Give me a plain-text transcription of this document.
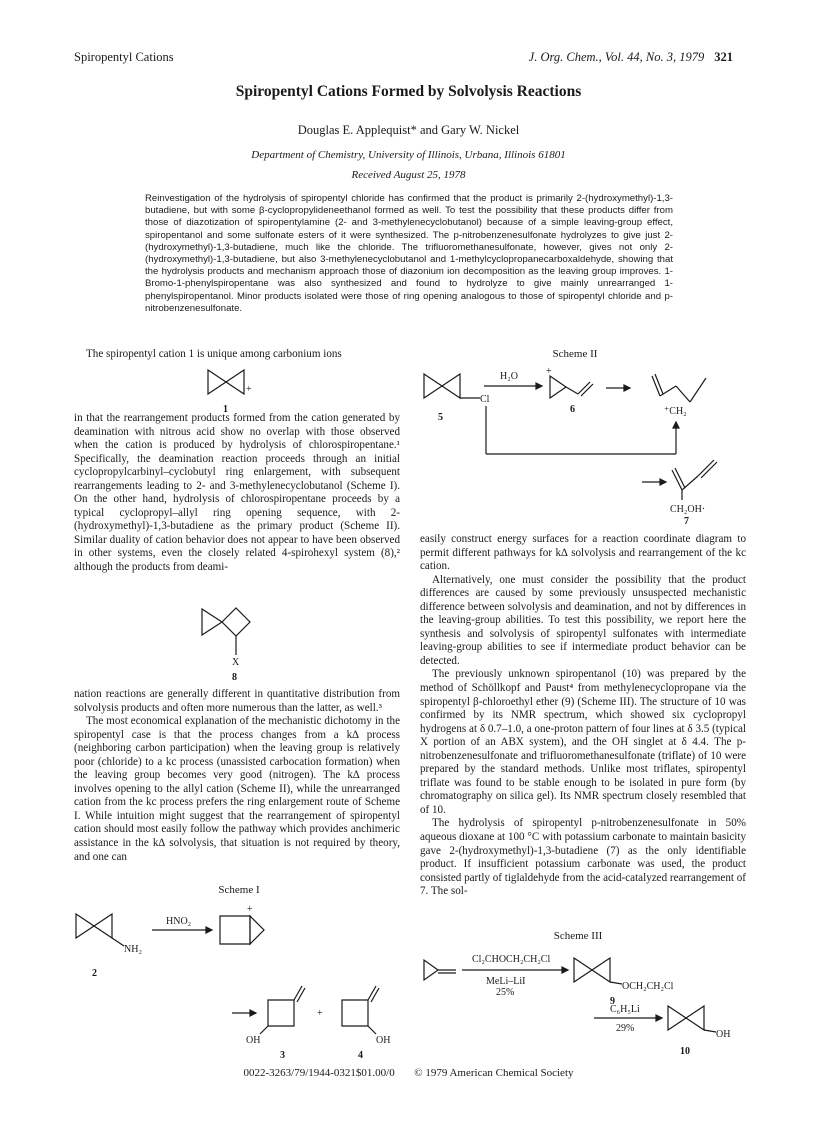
Spiropentyl Cations	J. Org. Chem., Vol. 44, No. 3, 1979 321
Spiropentyl Cations Formed by Solvolysis Reactions
Douglas E. Applequist* and Gary W. Nickel
Department of Chemistry, University of Illinois, Urbana, Illinois 61801
Received August 25, 1978
Reinvestigation of the hydrolysis of spiropentyl chloride has confirmed that the product is primarily 2-(hydroxymethyl)-1,3-butadiene, but with some β-cyclopropylideneethanol formed as well. To test the possibility that these products differ from those of diazotization of spiropentylamine (2- and 3-methylenecyclobutanol) because of a simple leaving-group effect, spiropentanol and some sulfonate esters of it were synthesized. The p-nitrobenzenesulfonate hydrolyzes to give just 2-(hydroxymethyl)-1,3-butadiene, much like the chloride. The trifluoromethanesulfonate, however, gives not only 2-(hydroxymethyl)-1,3-butadiene, but also 3-methylenecyclobutanol and 1-methylcyclopropanecarboxaldehyde, showing that the hydrolysis products and mechanism approach those of diazonium ion decomposition as the leaving group improves. 1-Bromo-1-phenylspiropentane was also synthesized and found to hydrolyze to give mainly unrearranged 1-phenylspiropentanol. Minor products isolated were those of ring opening analogous to those of spiropentyl chloride and p-nitrobenzenesulfonate.

The spiropentyl cation 1 is unique among carbonium ions

+
1

in that the rearrangement products formed from the cation generated by deamination with nitrous acid show no overlap with those observed when the cation is produced by hydrolysis of chlorospiropentane.¹ Specifically, the deamination reaction proceeds through an initial cyclopropylcarbinyl–cyclobutyl ring enlargement, with subsequent rearrangements leading to 2- and 3-methylenecyclobutanol (Scheme I). On the other hand, hydrolysis of chlorospiropentane proceeds by a typical cyclopropyl–allyl ring opening sequence, with 2-(hydroxymethyl)-1,3-butadiene as the primary product (Scheme II). Similar duality of cation behavior does not appear to have been observed in other systems, even the closely related 4-spirohexyl system (8),² although the products from deami-

X
8

nation reactions are generally different in quantitative distribution from solvolysis products and often more numerous than the latter, as well.³

The most economical explanation of the mechanistic dichotomy in the spiropentyl case is that the process changes from a k∆ process (neighboring carbon participation) when the leaving group is relatively poor (chloride) to a kc process (unassisted carbocation formation) when the leaving group becomes very good (nitrogen). The k∆ process involves opening to the allyl cation (Scheme II), while the unrearranged cation from the kc process prefers the ring enlargement route of Scheme I. While intuition might suggest that the rearrangement of spiropentyl cation should most easily follow the pathway which provides anchimeric assistance in the k∆ solvolysis, that situation is not required by theory, and one can

Scheme I
NH₂
2
HNO₂
+
+
OH	OH
3	4
Scheme II
Cl
5
H₂O	+
6	⁺CH₂
CH₂OH·
7

easily construct energy surfaces for a reaction coordinate diagram to permit different pathways for k∆ solvolysis and rearrangement of the kc cation.

Alternatively, one must consider the possibility that the product differences are caused by some previously unsuspected mechanistic difference between solvolysis and deamination, and not by differences in the leaving-group abilities. To test this possibility, we report here the synthesis and solvolysis of spiropentyl sulfonates with intermediate leaving-group abilities to see if intermediate product behavior can be detected.

The previously unknown spiropentanol (10) was prepared by the method of Schöllkopf and Paust⁴ from methylenecyclopropane via the spiropentyl β-chloroethyl ether (9) (Scheme III). The structure of 10 was confirmed by its NMR spectrum, which showed six cyclopropyl hydrogens at δ 0.7–1.0, a one-proton pattern of four lines at δ 3.5 (typical X portion of an ABX system), and the OH singlet at δ 4.4. The p-nitrobenzenesulfonate and trifluoromethanesulfonate (triflate) of 10 were prepared by the standard methods. Unlike most triflates, spiropentyl triflate was found to be stable enough to be isolated in pure form (by chromatography on silica gel). Its NMR spectrum closely resembled that of 10.

The hydrolysis of spiropentyl p-nitrobenzenesulfonate in 50% aqueous dioxane at 100 °C with potassium carbonate to maintain basicity gave 2-(hydroxymethyl)-1,3-butadiene (7) as the only identifiable product. If insufficient potassium carbonate was used, the product consisted partly of tiglaldehyde from the acid-catalyzed rearrangement of 7. The sol-

Scheme III
Cl₂CHOCH₂CH₂Cl
MeLi–LiI
25%
OCH₂CH₂Cl
9
C₆H₅Li
29%
OH
10
0022-3263/79/1944-0321$01.00/0 © 1979 American Chemical Society
